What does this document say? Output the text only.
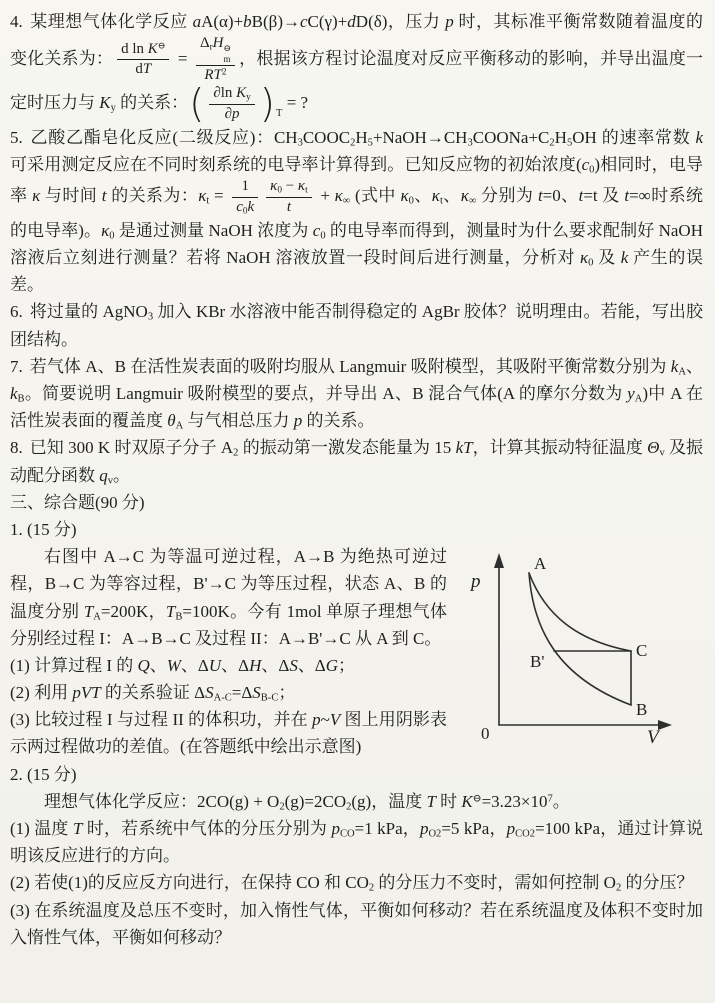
4. 某理想气体化学反应 aA(α)+bB(β)→cC(γ)+dD(δ)，压力 p 时，其标准平衡常数随着温度的变化关系为： $\frac{d \ln K^⊖}{dT} = \Delta_rH$ ⊖
m
$RT^2$ ，根据该方程讨论温度对反应平衡移动的影响，并导出温度一定时压力与 $K_y$ 的关系： ( $\frac{\partial\ln K_y}{\partial p}$ ) T
= ?

5. 乙酸乙酯皂化反应(二级反应)：$CH_3COOC_2H_5+NaOH\to CH_3COONa+C_2H_5OH$ 的速率常数 k 可采用测定反应在不同时刻系统的电导率计算得到。已知反应物的初始浓度$(c_0)$相同时，电导率 κ 与时间 t 的关系为：$\kappa_t = \frac{1}{c_0k} \frac{\kappa_0 - \kappa_t}{t} + \kappa_\infty$ (式中 $\kappa_0$、$\kappa_t$、$\kappa_\infty$ 分别为 t=0、t=t 及 t=∞时系统的电导率)。$\kappa_0$ 是通过测量 NaOH 浓度为 $c_0$ 的电导率而得到，测量时为什么要求配制好 NaOH 溶液后立刻进行测量？若将 NaOH 溶液放置一段时间后进行测量，分析对 $\kappa_0$ 及 k 产生的误差。

6. 将过量的 AgNO$_3$ 加入 KBr 水溶液中能否制得稳定的 AgBr 胶体？说明理由。若能，写出胶团结构。

7. 若气体 A、B 在活性炭表面的吸附均服从 Langmuir 吸附模型，其吸附平衡常数分别为 $k_A$、$k_B$。简要说明 Langmuir 吸附模型的要点，并导出 A、B 混合气体(A 的摩尔分数为 $y_A$)中 A 在活性炭表面的覆盖度 $\theta_A$ 与气相总压力 p 的关系。

8. 已知 300 K 时双原子分子 $A_2$ 的振动第一激发态能量为 15 kT，计算其振动特征温度 $\Theta_v$ 及振动配分函数 $q_v$。

三、综合题(90 分)

1. (15 分)

p
V
0
A
C
B'
B

右图中 A→C 为等温可逆过程，A→B 为绝热可逆过程，B→C 为等容过程，B'→C 为等压过程，状态 A、B 的温度分别 $T_A=200K$，$T_B=100K$。今有 1mol 单原子理想气体分别经过程 I：A→B→C 及过程 II：A→B'→C 从 A 到 C。

(1) 计算过程 I 的 Q、W、ΔU、ΔH、ΔS、ΔG；

(2) 利用 pVT 的关系验证 $\Delta S_{A-C}=\Delta S_{B-C}$；

(3) 比较过程 I 与过程 II 的体积功，并在 p~V 图上用阴影表示两过程做功的差值。(在答题纸中绘出示意图)

2. (15 分)

理想气体化学反应：$2CO(g) + O_2(g)=2CO_2(g)$，温度 T 时 $K^⊖=3.23\times 10^7$。

(1) 温度 T 时，若系统中气体的分压分别为 $p_{CO}=1$ kPa，$p_{O2}=5$ kPa，$p_{CO2}=100$ kPa，通过计算说明该反应进行的方向。

(2) 若使(1)的反应反方向进行，在保持 CO 和 $CO_2$ 的分压力不变时，需如何控制 $O_2$ 的分压？

(3) 在系统温度及总压不变时，加入惰性气体，平衡如何移动？若在系统温度及体积不变时加入惰性气体，平衡如何移动？
